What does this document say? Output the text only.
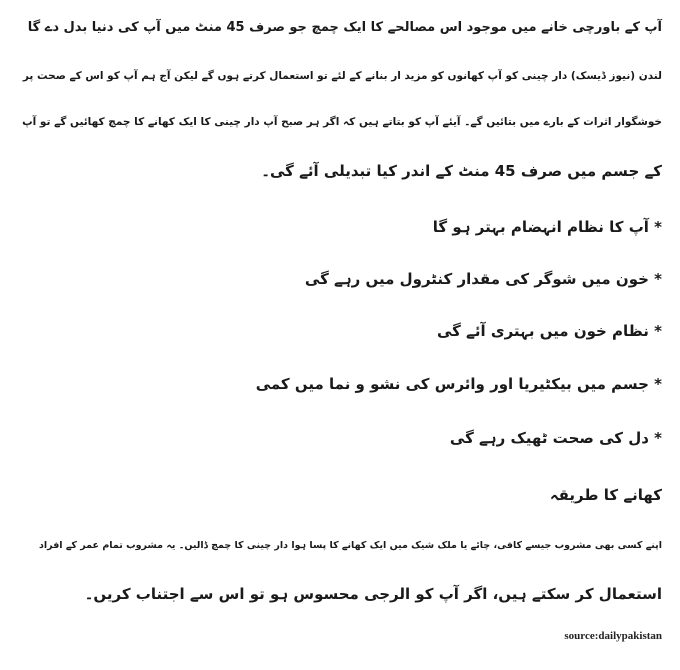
آپ کے باورچی خانے میں موجود اس مصالحے کا ایک چمچ جو صرف 45 منٹ میں آپ کی دنیا بدل دے گا
لندن (نیوز ڈیسک) دار چینی کو آپ کھانوں کو مزید ار بنانے کے لئے تو استعمال کرتے ہوں گے لیکن آج ہم آپ کو اس کے صحت پر
خوشگوار اثرات کے بارے میں بتائیں گے۔ آیئے آپ کو بتاتے ہیں کہ اگر ہر صبح آپ دار چینی کا ایک کھانے کا چمچ کھائیں گے تو آپ
کے جسم میں صرف 45 منٹ کے اندر کیا تبدیلی آئے گی۔
* آپ کا نظام انہضام بہتر ہو گا
* خون میں شوگر کی مقدار کنٹرول میں رہے گی
* نظام خون میں بہتری آئے گی
* جسم میں بیکٹیریا اور وائرس کی نشو و نما میں کمی
* دل کی صحت ٹھیک رہے گی
کھانے کا طریقہ
اپنے کسی بھی مشروب جیسے کافی، چائے یا ملک شیک میں ایک کھانے کا پسا ہوا دار چینی کا چمچ ڈالیں۔ یہ مشروب تمام عمر کے افراد
استعمال کر سکتے ہیں، اگر آپ کو الرجی محسوس ہو تو اس سے اجتناب کریں۔
source:dailypakistan
